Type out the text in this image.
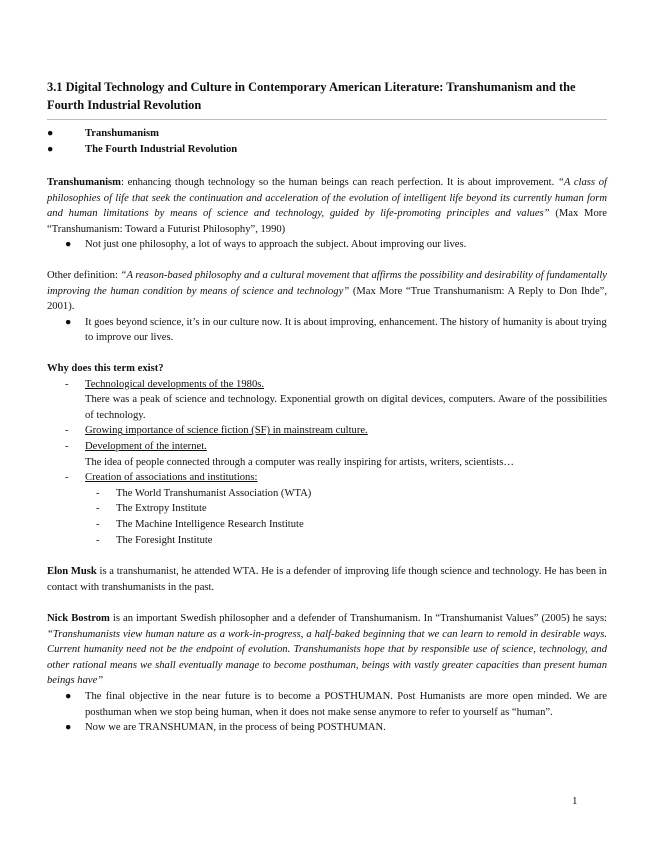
3.1 Digital Technology and Culture in Contemporary American Literature: Transhumanism and the Fourth Industrial Revolution
●	Transhumanism
●	The Fourth Industrial Revolution

Transhumanism: enhancing though technology so the human beings can reach perfection. It is about improvement. “A class of philosophies of life that seek the continuation and acceleration of the evolution of intelligent life beyond its currently human form and human limitations by means of science and technology, guided by life-promoting principles and values” (Max More “Transhumanism: Toward a Futurist Philosophy”, 1990)

● Not just one philosophy, a lot of ways to approach the subject. About improving our lives.

Other definition: “A reason-based philosophy and a cultural movement that affirms the possibility and desirability of fundamentally improving the human condition by means of science and technology” (Max More “True Transhumanism: A Reply to Don Ihde”, 2001).

● It goes beyond science, it’s in our culture now. It is about improving, enhancement. The history of humanity is about trying to improve our lives.

Why does this term exist?

- Technological developments of the 1980s.
There was a peak of science and technology. Exponential growth on digital devices, computers. Aware of the possibilities of technology.
- Growing importance of science fiction (SF) in mainstream culture.
- Development of the internet.
The idea of people connected through a computer was really inspiring for artists, writers, scientists…
- Creation of associations and institutions:
- The World Transhumanist Association (WTA)
- The Extropy Institute
- The Machine Intelligence Research Institute
- The Foresight Institute

Elon Musk is a transhumanist, he attended WTA. He is a defender of improving life though science and technology. He has been in contact with transhumanists in the past.

Nick Bostrom is an important Swedish philosopher and a defender of Transhumanism. In “Transhumanist Values” (2005) he says: “Transhumanists view human nature as a work-in-progress, a half-baked beginning that we can learn to remold in desirable ways. Current humanity need not be the endpoint of evolution. Transhumanists hope that by responsible use of science, technology, and other rational means we shall eventually manage to become posthuman, beings with vastly greater capacities than present human beings have”

● The final objective in the near future is to become a POSTHUMAN. Post Humanists are more open minded. We are posthuman when we stop being human, when it does not make sense anymore to refer to yourself as “human”.
● Now we are TRANSHUMAN, in the process of being POSTHUMAN.
1
